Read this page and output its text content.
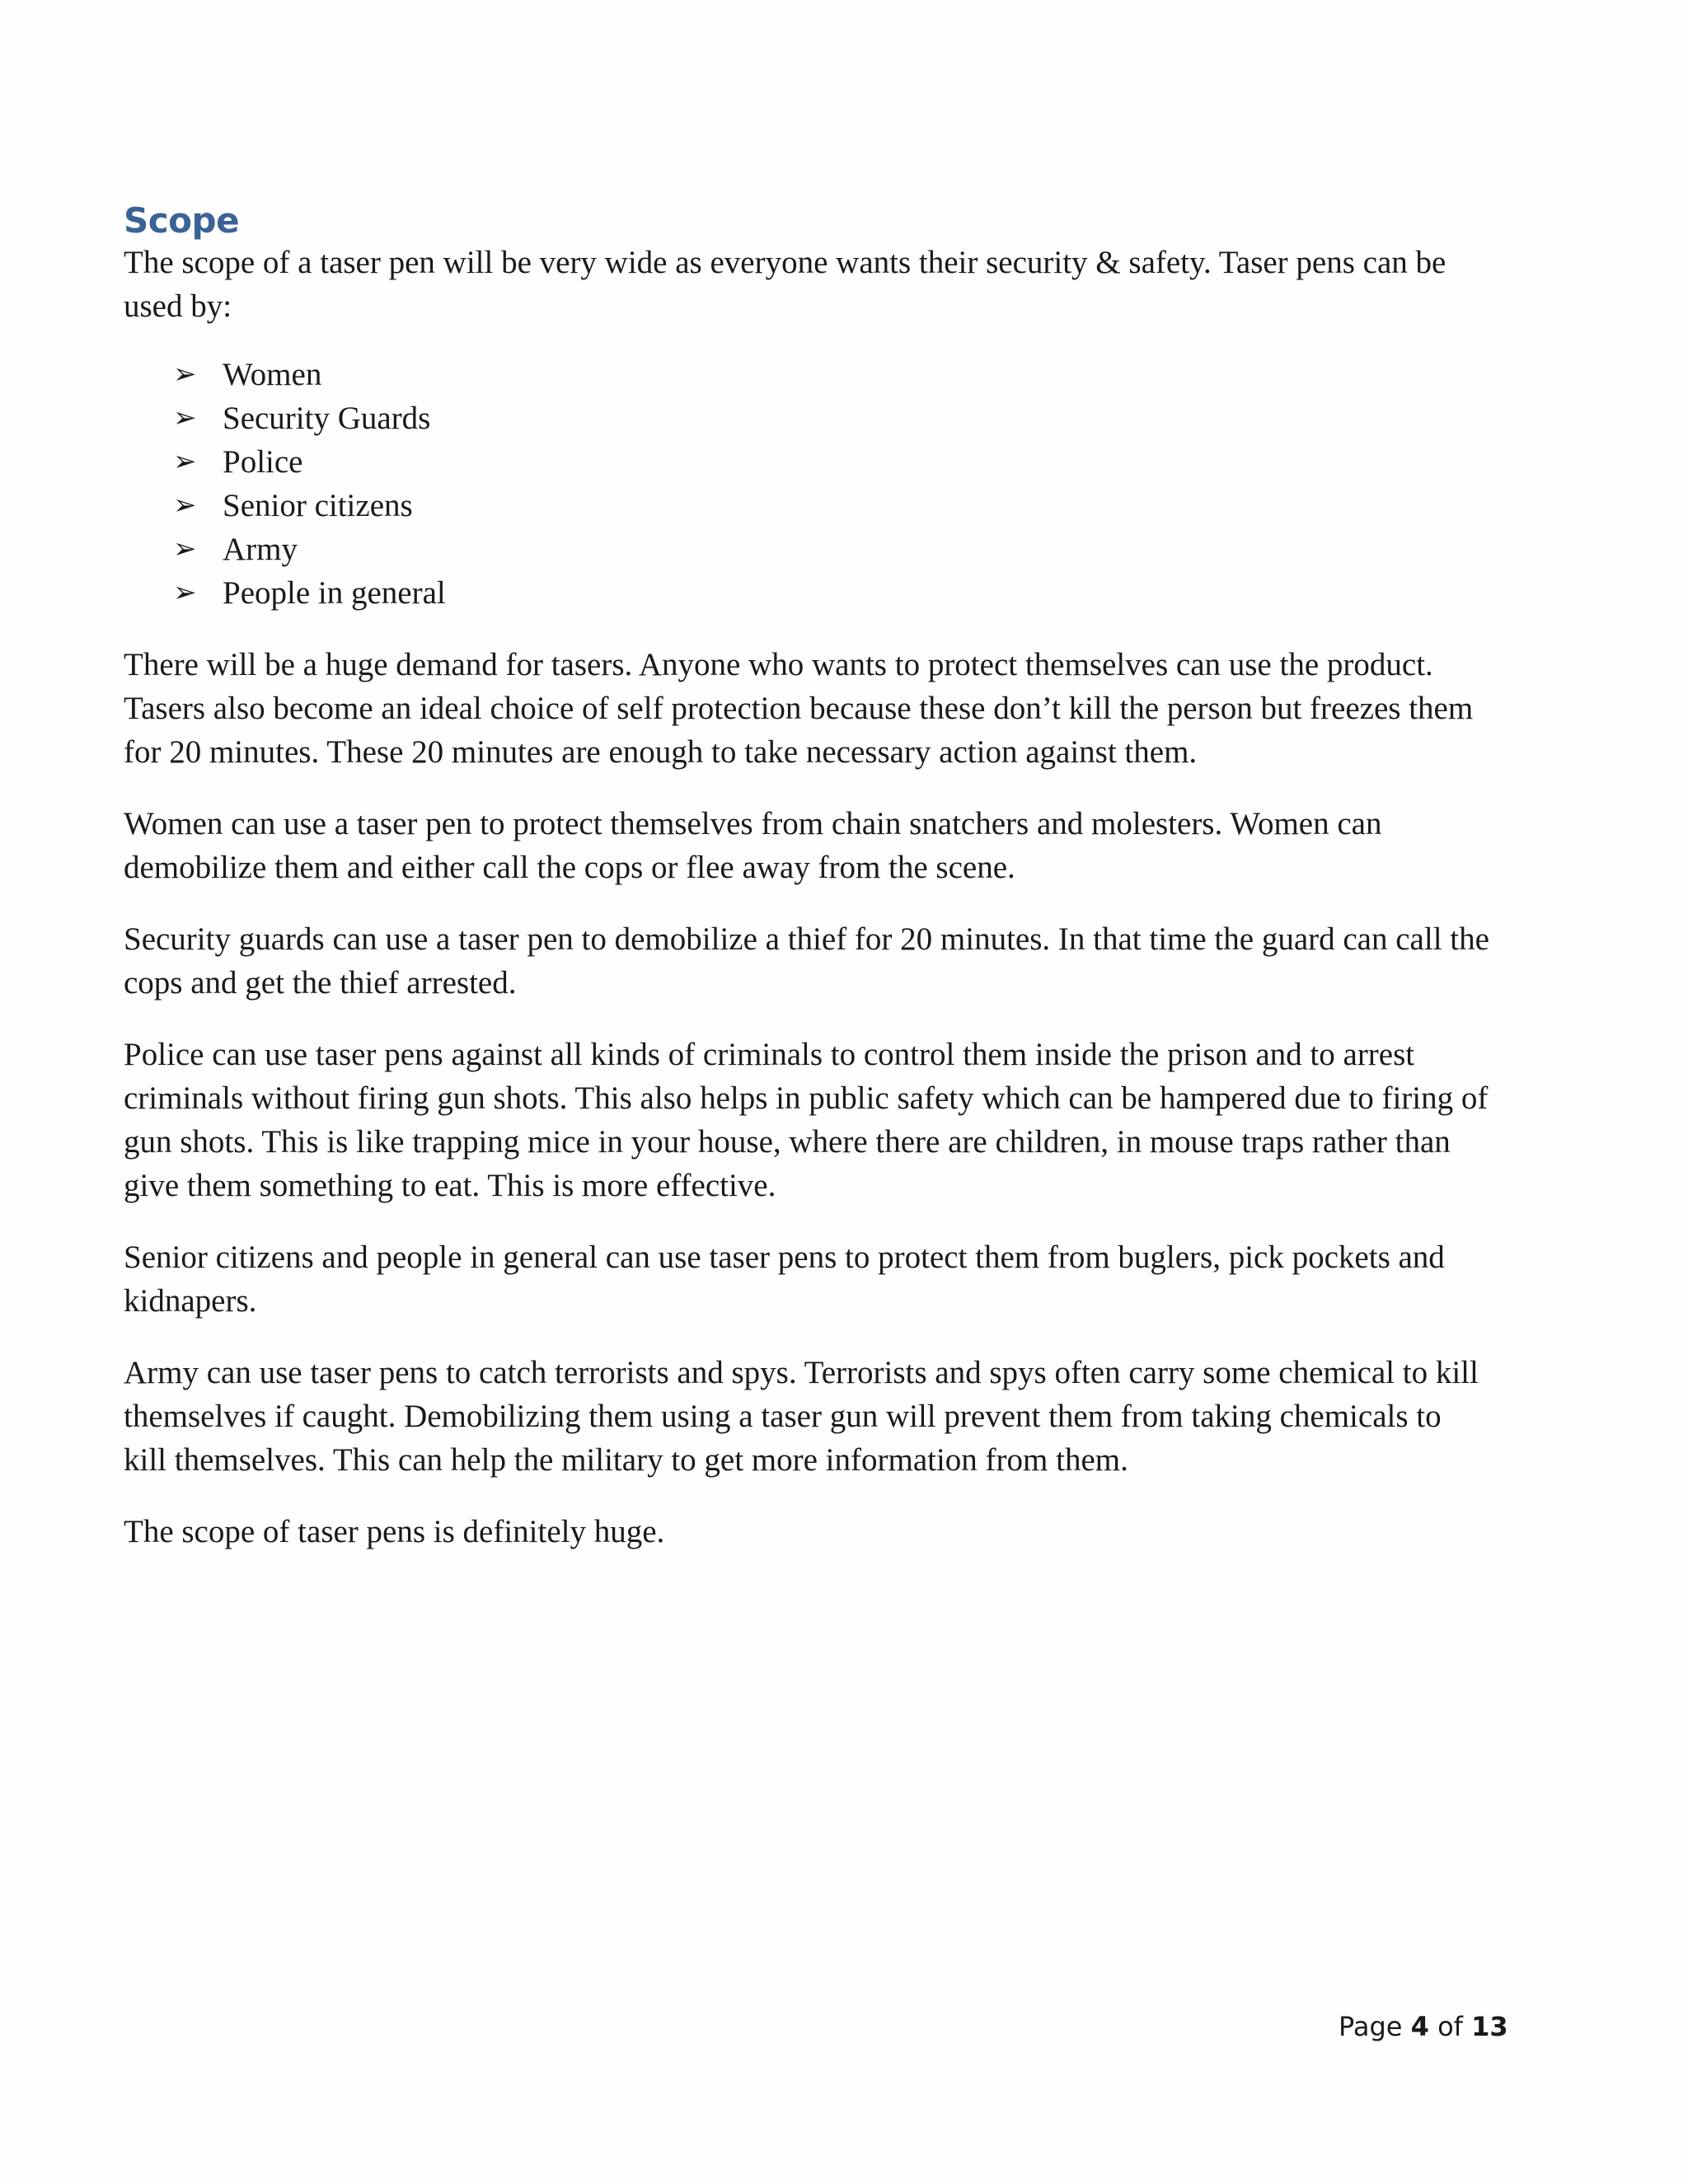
Scope

The scope of a taser pen will be very wide as everyone wants their security & safety. Taser pens can be used by:

➢ Women
➢ Security Guards
➢ Police
➢ Senior citizens
➢ Army
➢ People in general

There will be a huge demand for tasers. Anyone who wants to protect themselves can use the product. Tasers also become an ideal choice of self protection because these don’t kill the person but freezes them for 20 minutes. These 20 minutes are enough to take necessary action against them.

Women can use a taser pen to protect themselves from chain snatchers and molesters. Women can demobilize them and either call the cops or flee away from the scene.

Security guards can use a taser pen to demobilize a thief for 20 minutes. In that time the guard can call the cops and get the thief arrested.

Police can use taser pens against all kinds of criminals to control them inside the prison and to arrest criminals without firing gun shots. This also helps in public safety which can be hampered due to firing of gun shots. This is like trapping mice in your house, where there are children, in mouse traps rather than give them something to eat. This is more effective.

Senior citizens and people in general can use taser pens to protect them from buglers, pick pockets and kidnapers.

Army can use taser pens to catch terrorists and spys. Terrorists and spys often carry some chemical to kill themselves if caught. Demobilizing them using a taser gun will prevent them from taking chemicals to kill themselves. This can help the military to get more information from them.

The scope of taser pens is definitely huge.

Page 4 of 13
